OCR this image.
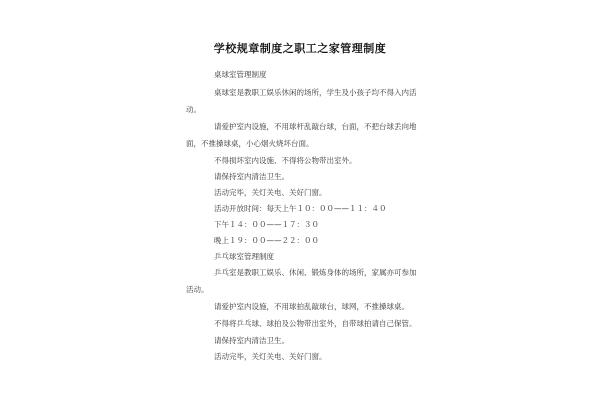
学校规章制度之职工之家管理制度
桌球室管理制度
桌球室是教职工娱乐休闲的场所，学生及小孩子均不得入内活
动。
请爱护室内设施，不用球杆乱敲台球，台面，不把台球丢向地
面，不推搡球桌，小心烟火烧坏台面。
不得损坏室内设施、不得将公物带出室外。
请保持室内清洁卫生。
活动完毕，关灯关电、关好门窗。
活动开放时间：每天上午１０：００——１１：４０
下午１４：００——１７：３０
晚上１９：００——２２：００
乒乓球室管理制度
乒乓室是教职工娱乐、休闲、锻炼身体的场所，家属亦可参加
活动。
请爱护室内设施，不用球拍乱敲球台，球网，不推搡球桌。
不得将乒乓球、球拍及公物带出室外，自带球拍请自己保管。
请保持室内清洁卫生。
活动完毕，关灯关电、关好门窗。
